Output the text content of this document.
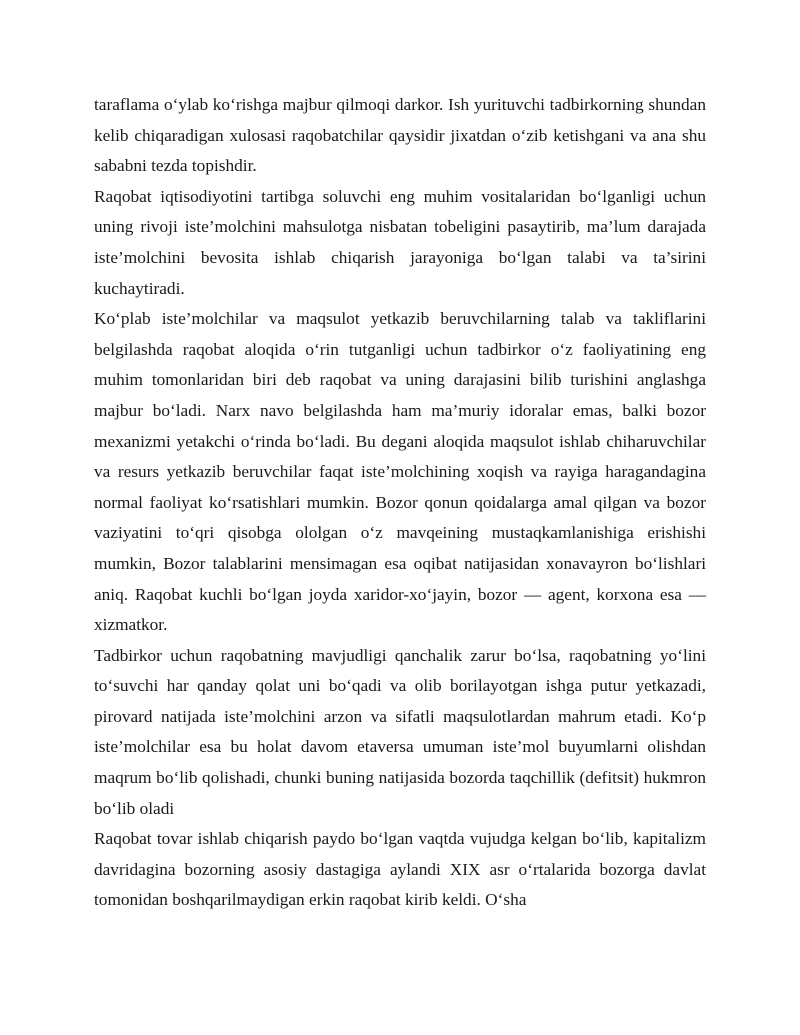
taraflama o‘ylab ko‘rishga majbur qilmoqi darkor. Ish yurituvchi tadbirkorning shundan kelib chiqaradigan xulosasi raqobatchilar qaysidir jixatdan o‘zib ketishgani va ana shu sababni tezda topishdir.

Raqobat iqtisodiyotini tartibga soluvchi eng muhim vositalaridan bo‘lganligi uchun uning rivoji iste’molchini mahsulotga nisbatan tobeligini pasaytirib, ma’lum darajada iste’molchini bevosita ishlab chiqarish jarayoniga bo‘lgan talabi va ta’sirini kuchaytiradi.

Ko‘plab iste’molchilar va maqsulot yetkazib beruvchilarning talab va takliflarini belgilashda raqobat aloqida o‘rin tutganligi uchun tadbirkor o‘z faoliyatining eng muhim tomonlaridan biri deb raqobat va uning darajasini bilib turishini anglashga majbur bo‘ladi. Narx navo belgilashda ham ma’muriy idoralar emas, balki bozor mexanizmi yetakchi o‘rinda bo‘ladi. Bu degani aloqida maqsulot ishlab chiharuvchilar va resurs yetkazib beruvchilar faqat iste’molchining xoqish va rayiga haragandagina normal faoliyat ko‘rsatishlari mumkin. Bozor qonun qoidalarga amal qilgan va bozor vaziyatini to‘qri qisobga ololgan o‘z mavqeining mustaqkamlanishiga erishishi mumkin, Bozor talablarini mensimagan esa oqibat natijasidan xonavayron bo‘lishlari aniq. Raqobat kuchli bo‘lgan joyda xaridor-xo‘jayin, bozor — agent, korxona esa — xizmatkor.

Tadbirkor uchun raqobatning mavjudligi qanchalik zarur bo‘lsa, raqobatning yo‘lini to‘suvchi har qanday qolat uni bo‘qadi va olib borilayotgan ishga putur yetkazadi, pirovard natijada iste’molchini arzon va sifatli maqsulotlardan mahrum etadi. Ko‘p iste’molchilar esa bu holat davom etaversa umuman iste’mol buyumlarni olishdan maqrum bo‘lib qolishadi, chunki buning natijasida bozorda taqchillik (defitsit) hukmron bo‘lib oladi

Raqobat tovar ishlab chiqarish paydo bo‘lgan vaqtda vujudga kelgan bo‘lib, kapitalizm davridagina bozorning asosiy dastagiga aylandi XIX asr o‘rtalarida bozorga davlat tomonidan boshqarilmaydigan erkin raqobat kirib keldi. O‘sha
